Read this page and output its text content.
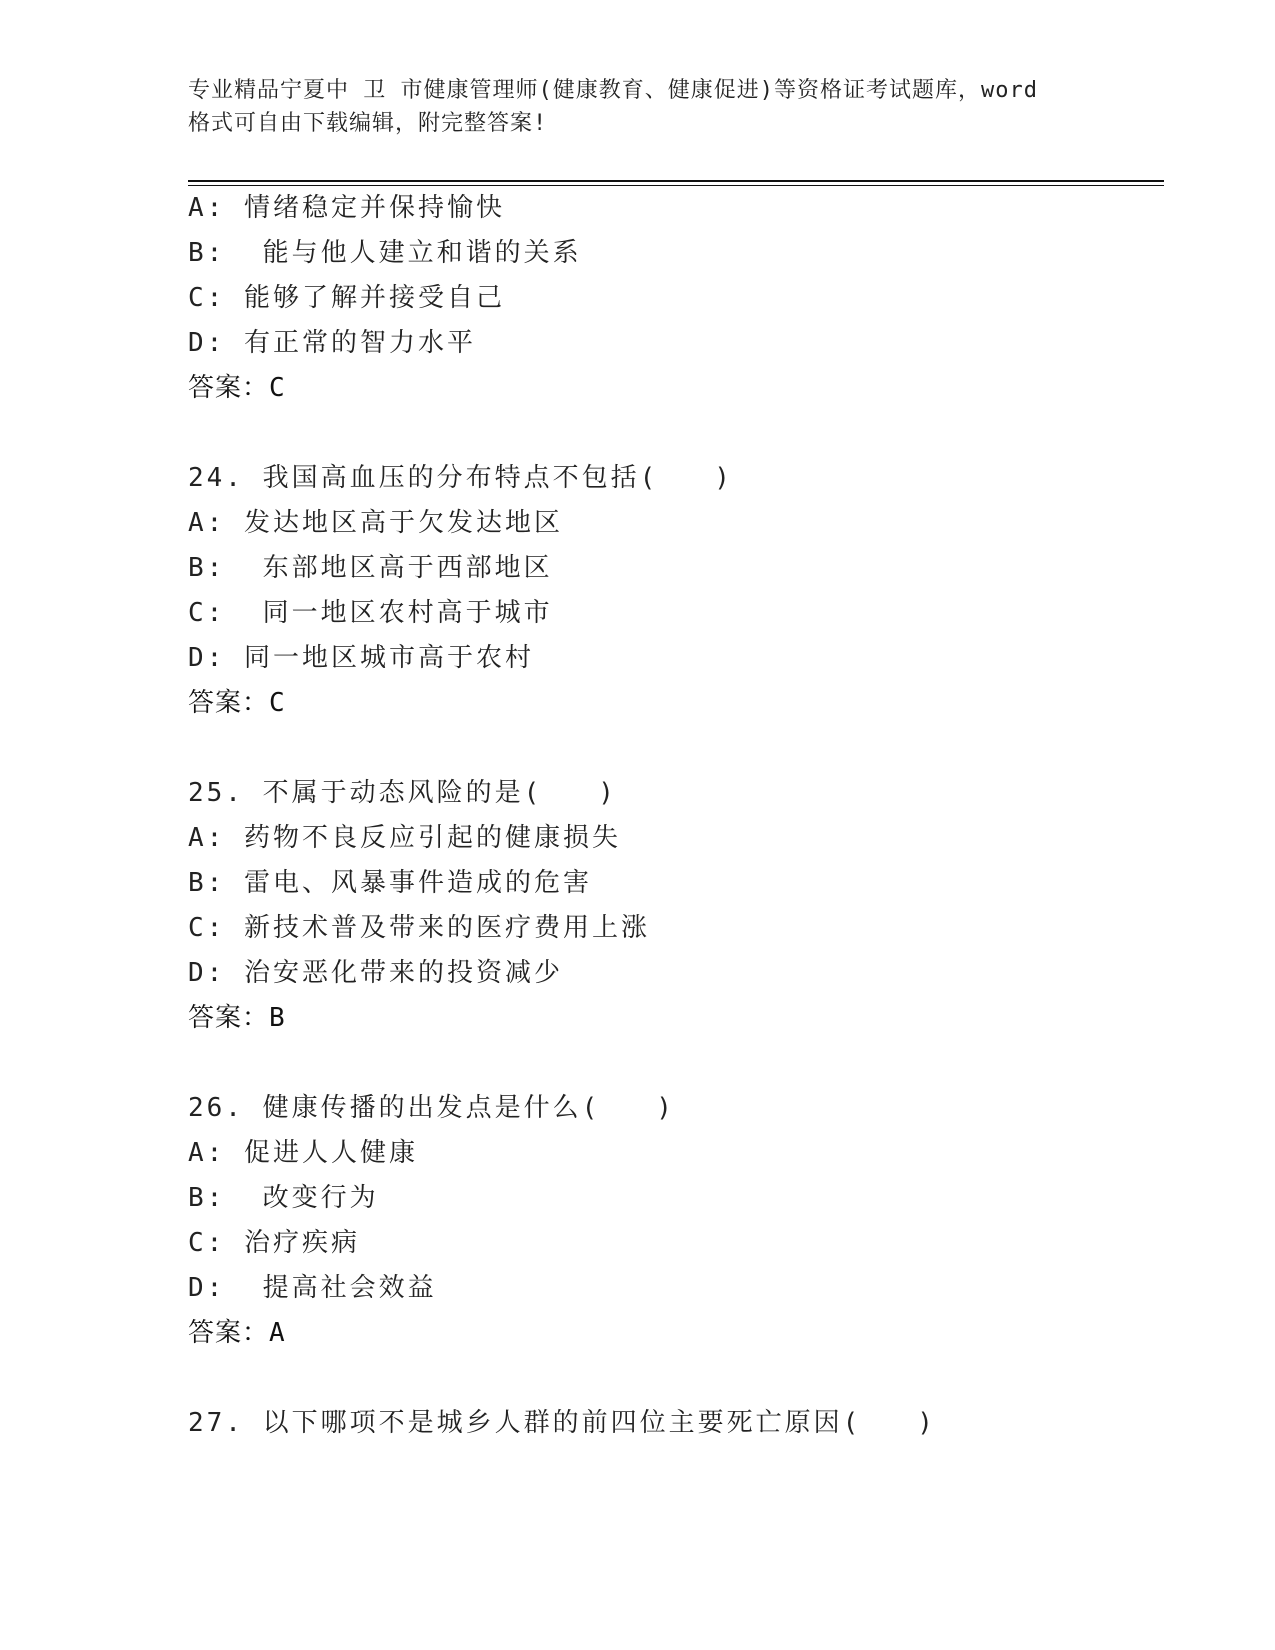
专业精品宁夏中 卫 市健康管理师(健康教育、健康促进)等资格证考试题库，word
格式可自由下载编辑，附完整答案!
A: 情绪稳定并保持愉快
B:  能与他人建立和谐的关系
C: 能够了解并接受自己
D: 有正常的智力水平
答案：C
24. 我国高血压的分布特点不包括(   )
A: 发达地区高于欠发达地区
B:  东部地区高于西部地区
C:  同一地区农村高于城市
D: 同一地区城市高于农村
答案：C
25. 不属于动态风险的是(   )
A: 药物不良反应引起的健康损失
B: 雷电、风暴事件造成的危害
C: 新技术普及带来的医疗费用上涨
D: 治安恶化带来的投资减少
答案：B
26. 健康传播的出发点是什么(   )
A: 促进人人健康
B:  改变行为
C: 治疗疾病
D:  提高社会效益
答案：A
27. 以下哪项不是城乡人群的前四位主要死亡原因(   )
